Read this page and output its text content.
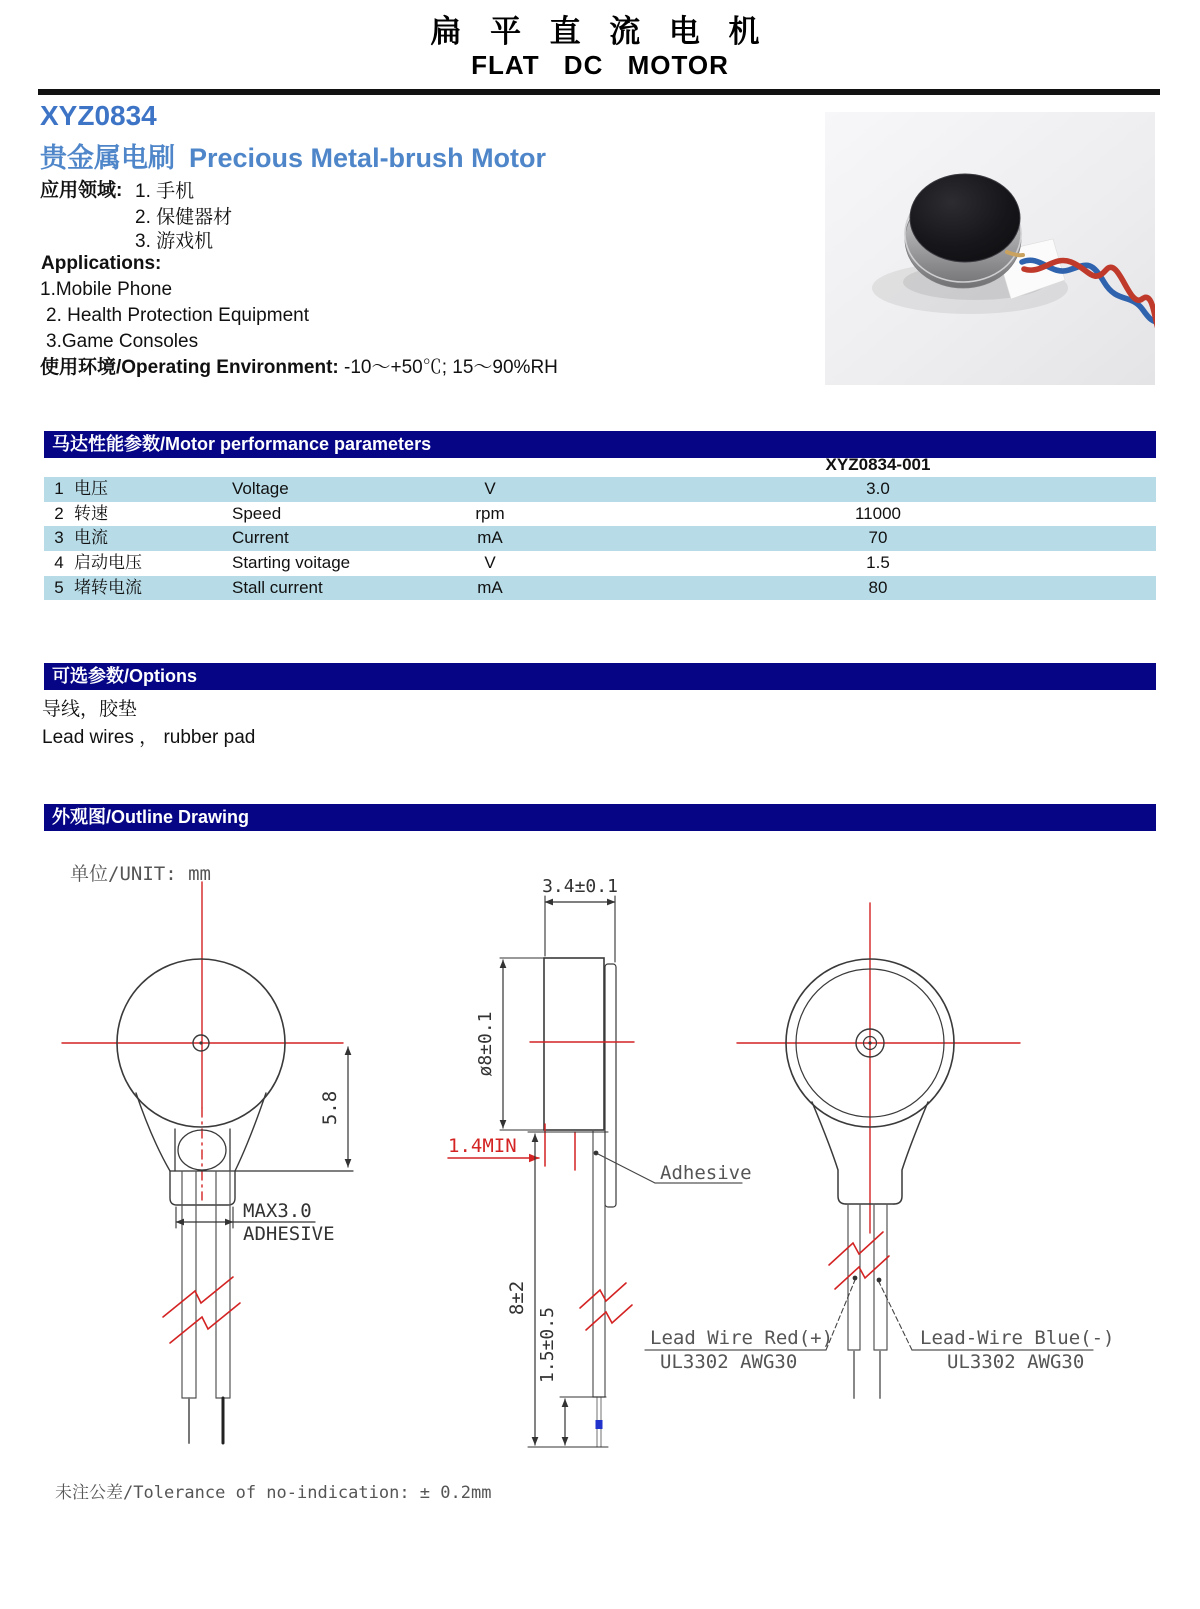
扁 平 直 流 电 机
FLAT DC MOTOR
XYZ0834
贵金属电刷 Precious Metal-brush Motor
应用领域: 1. 手机
2. 保健器材
3. 游戏机
Applications:
1.Mobile Phone
2. Health Protection Equipment
3.Game Consoles
使用环境/Operating Environment: -10～+50℃; 15～90%RH
马达性能参数/Motor performance parameters
XYZ0834-001
1 电压	Voltage	V	3.0
2 转速	Speed	rpm	11000
3 电流	Current	mA	70
4 启动电压	Starting voitage	V	1.5
5 堵转电流	Stall current	mA	80
可选参数/Options
导线，胶垫
Lead wires ， rubber pad
外观图/Outline Drawing
单位/UNIT: mm
5.8
MAX3.0
ADHESIVE
3.4±0.1
ø8±0.1
1.4MIN
Adhesive
8±2
1.5±0.5	Lead Wire Red(+)
UL3302 AWG30
Lead-Wire Blue(-)
UL3302 AWG30
未注公差/Tolerance of no-indication: ± 0.2mm
